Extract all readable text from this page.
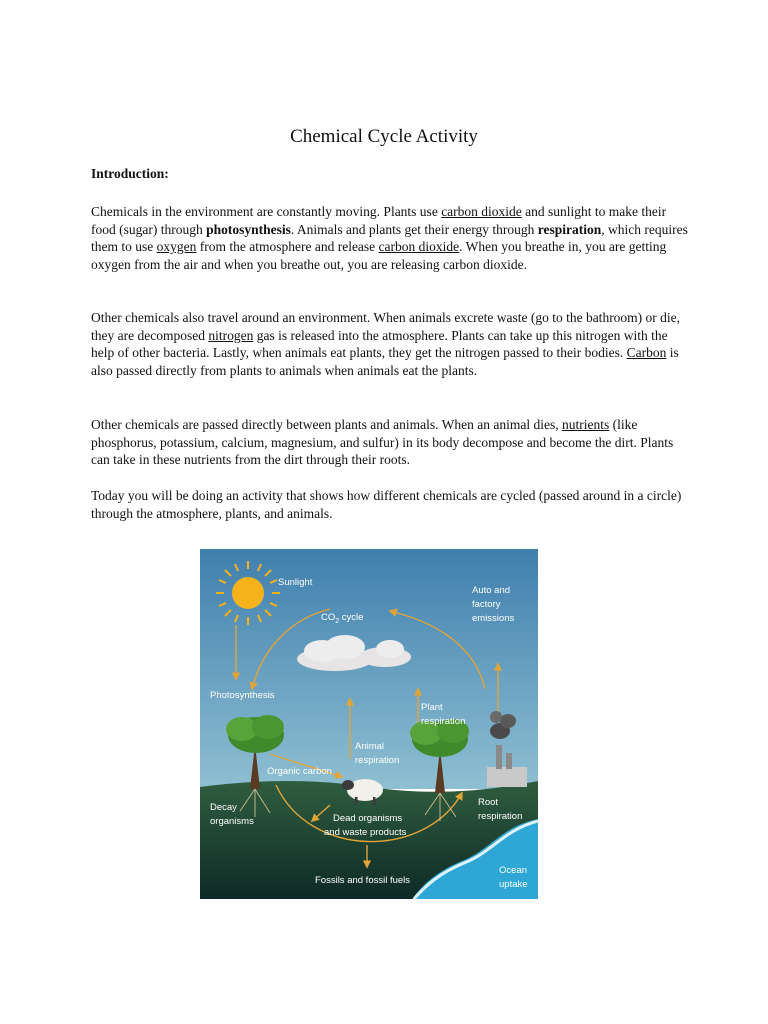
Chemical Cycle Activity
Introduction:

Chemicals in the environment are constantly moving. Plants use carbon dioxide and sunlight to make their food (sugar) through photosynthesis. Animals and plants get their energy through respiration, which requires them to use oxygen from the atmosphere and release carbon dioxide. When you breathe in, you are getting oxygen from the air and when you breathe out, you are releasing carbon dioxide.

Other chemicals also travel around an environment. When animals excrete waste (go to the bathroom) or die, they are decomposed nitrogen gas is released into the atmosphere. Plants can take up this nitrogen with the help of other bacteria. Lastly, when animals eat plants, they get the nitrogen passed to their bodies. Carbon is also passed directly from plants to animals when animals eat the plants.

Other chemicals are passed directly between plants and animals. When an animal dies, nutrients (like phosphorus, potassium, calcium, magnesium, and sulfur) in its body decompose and become the dirt. Plants can take in these nutrients from the dirt through their roots.

Today you will be doing an activity that shows how different chemicals are cycled (passed around in a circle) through the atmosphere, plants, and animals.

Sunlight
$CO_2$ cycle
Auto and
factory
emissions
Photosynthesis
Plant
respiration
Animal
respiration
Organic carbon
Decay
organisms	Dead organisms
and waste products
Root
respiration
Fossils and fossil fuels
Ocean
uptake
